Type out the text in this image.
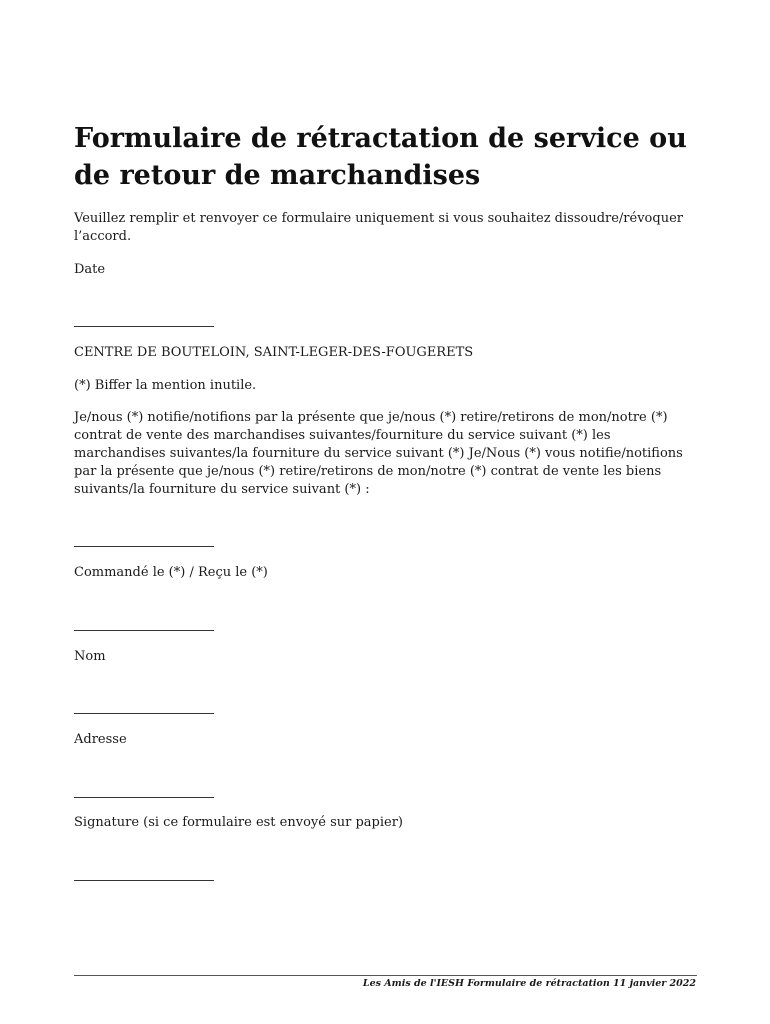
Formulaire de rétractation de service ou de retour de marchandises

Veuillez remplir et renvoyer ce formulaire uniquement si vous souhaitez dissoudre/révoquer l’accord.

Date

CENTRE DE BOUTELOIN, SAINT-LEGER-DES-FOUGERETS

(*) Biffer la mention inutile.

Je/nous (*) notifie/notifions par la présente que je/nous (*) retire/retirons de mon/notre (*) contrat de vente des marchandises suivantes/fourniture du service suivant (*) les marchandises suivantes/la fourniture du service suivant (*) Je/Nous (*) vous notifie/notifions par la présente que je/nous (*) retire/retirons de mon/notre (*) contrat de vente les biens suivants/la fourniture du service suivant (*) :

Commandé le (*) / Reçu le (*)

Nom

Adresse

Signature (si ce formulaire est envoyé sur papier)

Les Amis de l'IESH Formulaire de rétractation 11 janvier 2022
